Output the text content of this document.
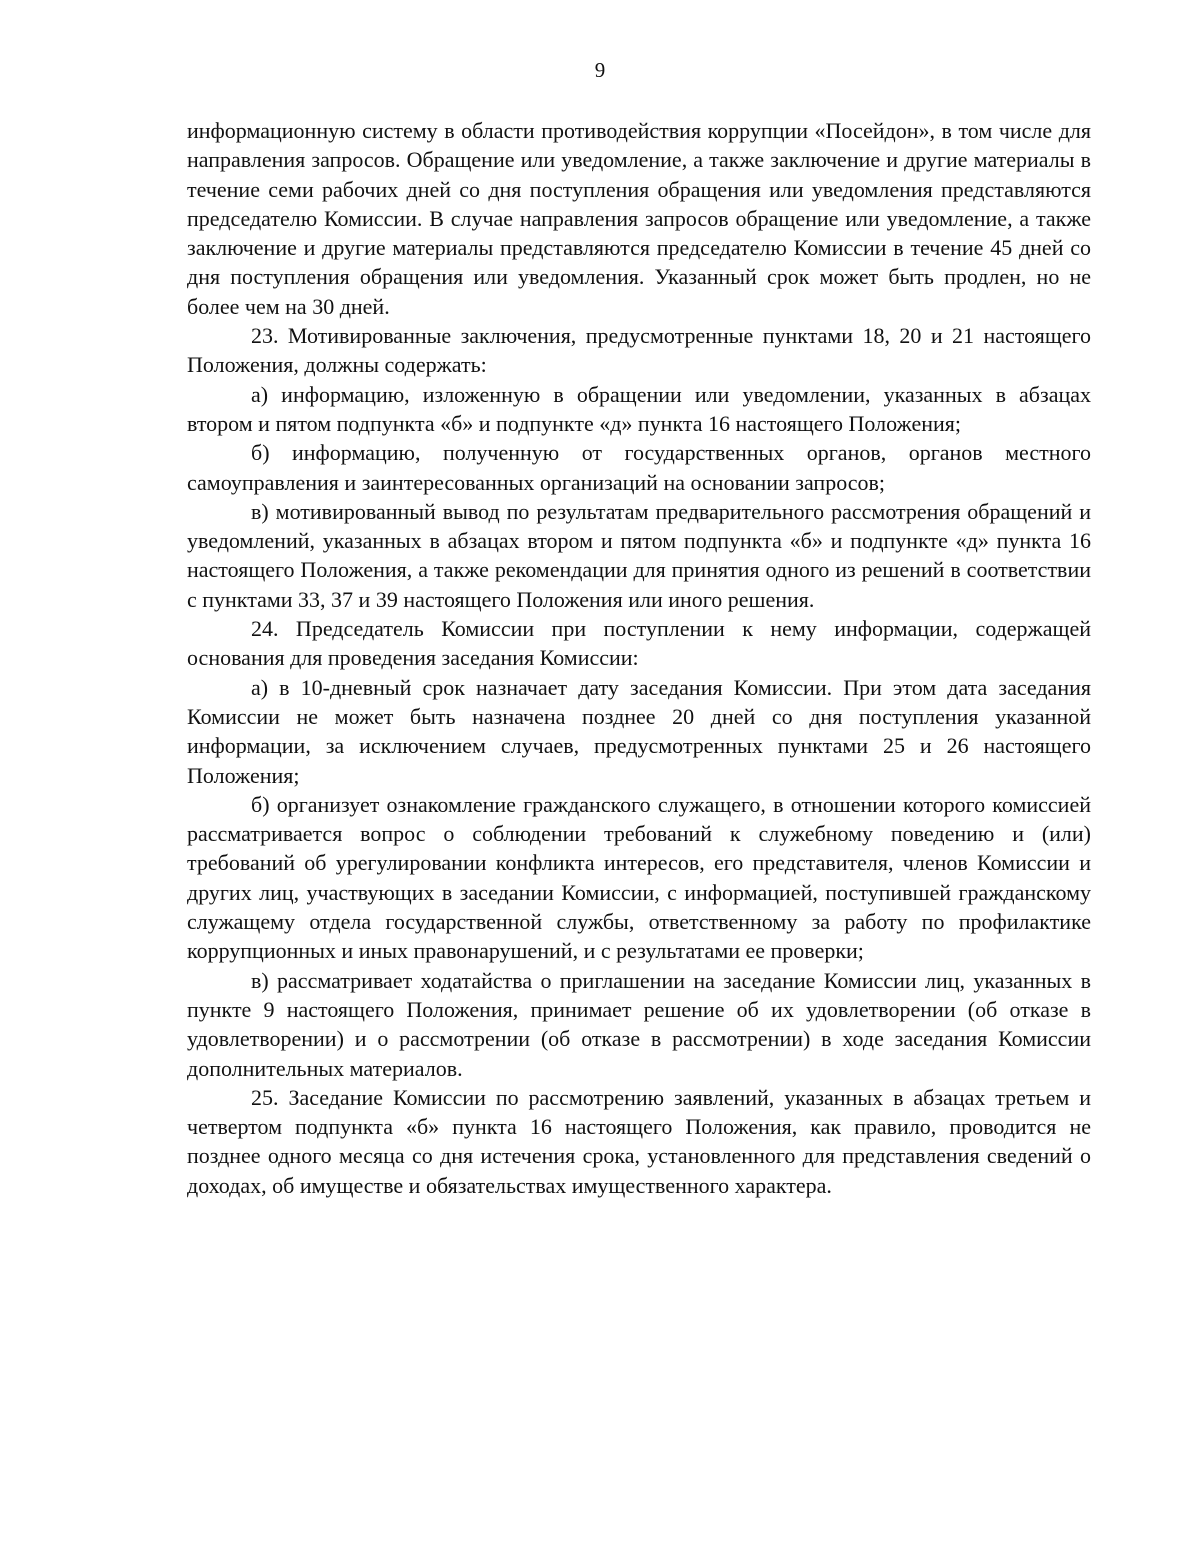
9

информационную систему в области противодействия коррупции «Посейдон», в том числе для направления запросов. Обращение или уведомление, а также заключение и другие материалы в течение семи рабочих дней со дня поступления обращения или уведомления представляются председателю Комиссии. В случае направления запросов обращение или уведомление, а также заключение и другие материалы представляются председателю Комиссии в течение 45 дней со дня поступления обращения или уведомления. Указанный срок может быть продлен, но не более чем на 30 дней.

23. Мотивированные заключения, предусмотренные пунктами 18, 20 и 21 настоящего Положения, должны содержать:

а) информацию, изложенную в обращении или уведомлении, указанных в абзацах втором и пятом подпункта «б» и подпункте «д» пункта 16 настоящего Положения;

б) информацию, полученную от государственных органов, органов местного самоуправления и заинтересованных организаций на основании запросов;

в) мотивированный вывод по результатам предварительного рассмотрения обращений и уведомлений, указанных в абзацах втором и пятом подпункта «б» и подпункте «д» пункта 16 настоящего Положения, а также рекомендации для принятия одного из решений в соответствии с пунктами 33, 37 и 39 настоящего Положения или иного решения.

24. Председатель Комиссии при поступлении к нему информации, содержащей основания для проведения заседания Комиссии:

а) в 10-дневный срок назначает дату заседания Комиссии. При этом дата заседания Комиссии не может быть назначена позднее 20 дней со дня поступления указанной информации, за исключением случаев, предусмотренных пунктами 25 и 26 настоящего Положения;

б) организует ознакомление гражданского служащего, в отношении которого комиссией рассматривается вопрос о соблюдении требований к служебному поведению и (или) требований об урегулировании конфликта интересов, его представителя, членов Комиссии и других лиц, участвующих в заседании Комиссии, с информацией, поступившей гражданскому служащему отдела государственной службы, ответственному за работу по профилактике коррупционных и иных правонарушений, и с результатами ее проверки;

в) рассматривает ходатайства о приглашении на заседание Комиссии лиц, указанных в пункте 9 настоящего Положения, принимает решение об их удовлетворении (об отказе в удовлетворении) и о рассмотрении (об отказе в рассмотрении) в ходе заседания Комиссии дополнительных материалов.

25. Заседание Комиссии по рассмотрению заявлений, указанных в абзацах третьем и четвертом подпункта «б» пункта 16 настоящего Положения, как правило, проводится не позднее одного месяца со дня истечения срока, установленного для представления сведений о доходах, об имуществе и обязательствах имущественного характера.
